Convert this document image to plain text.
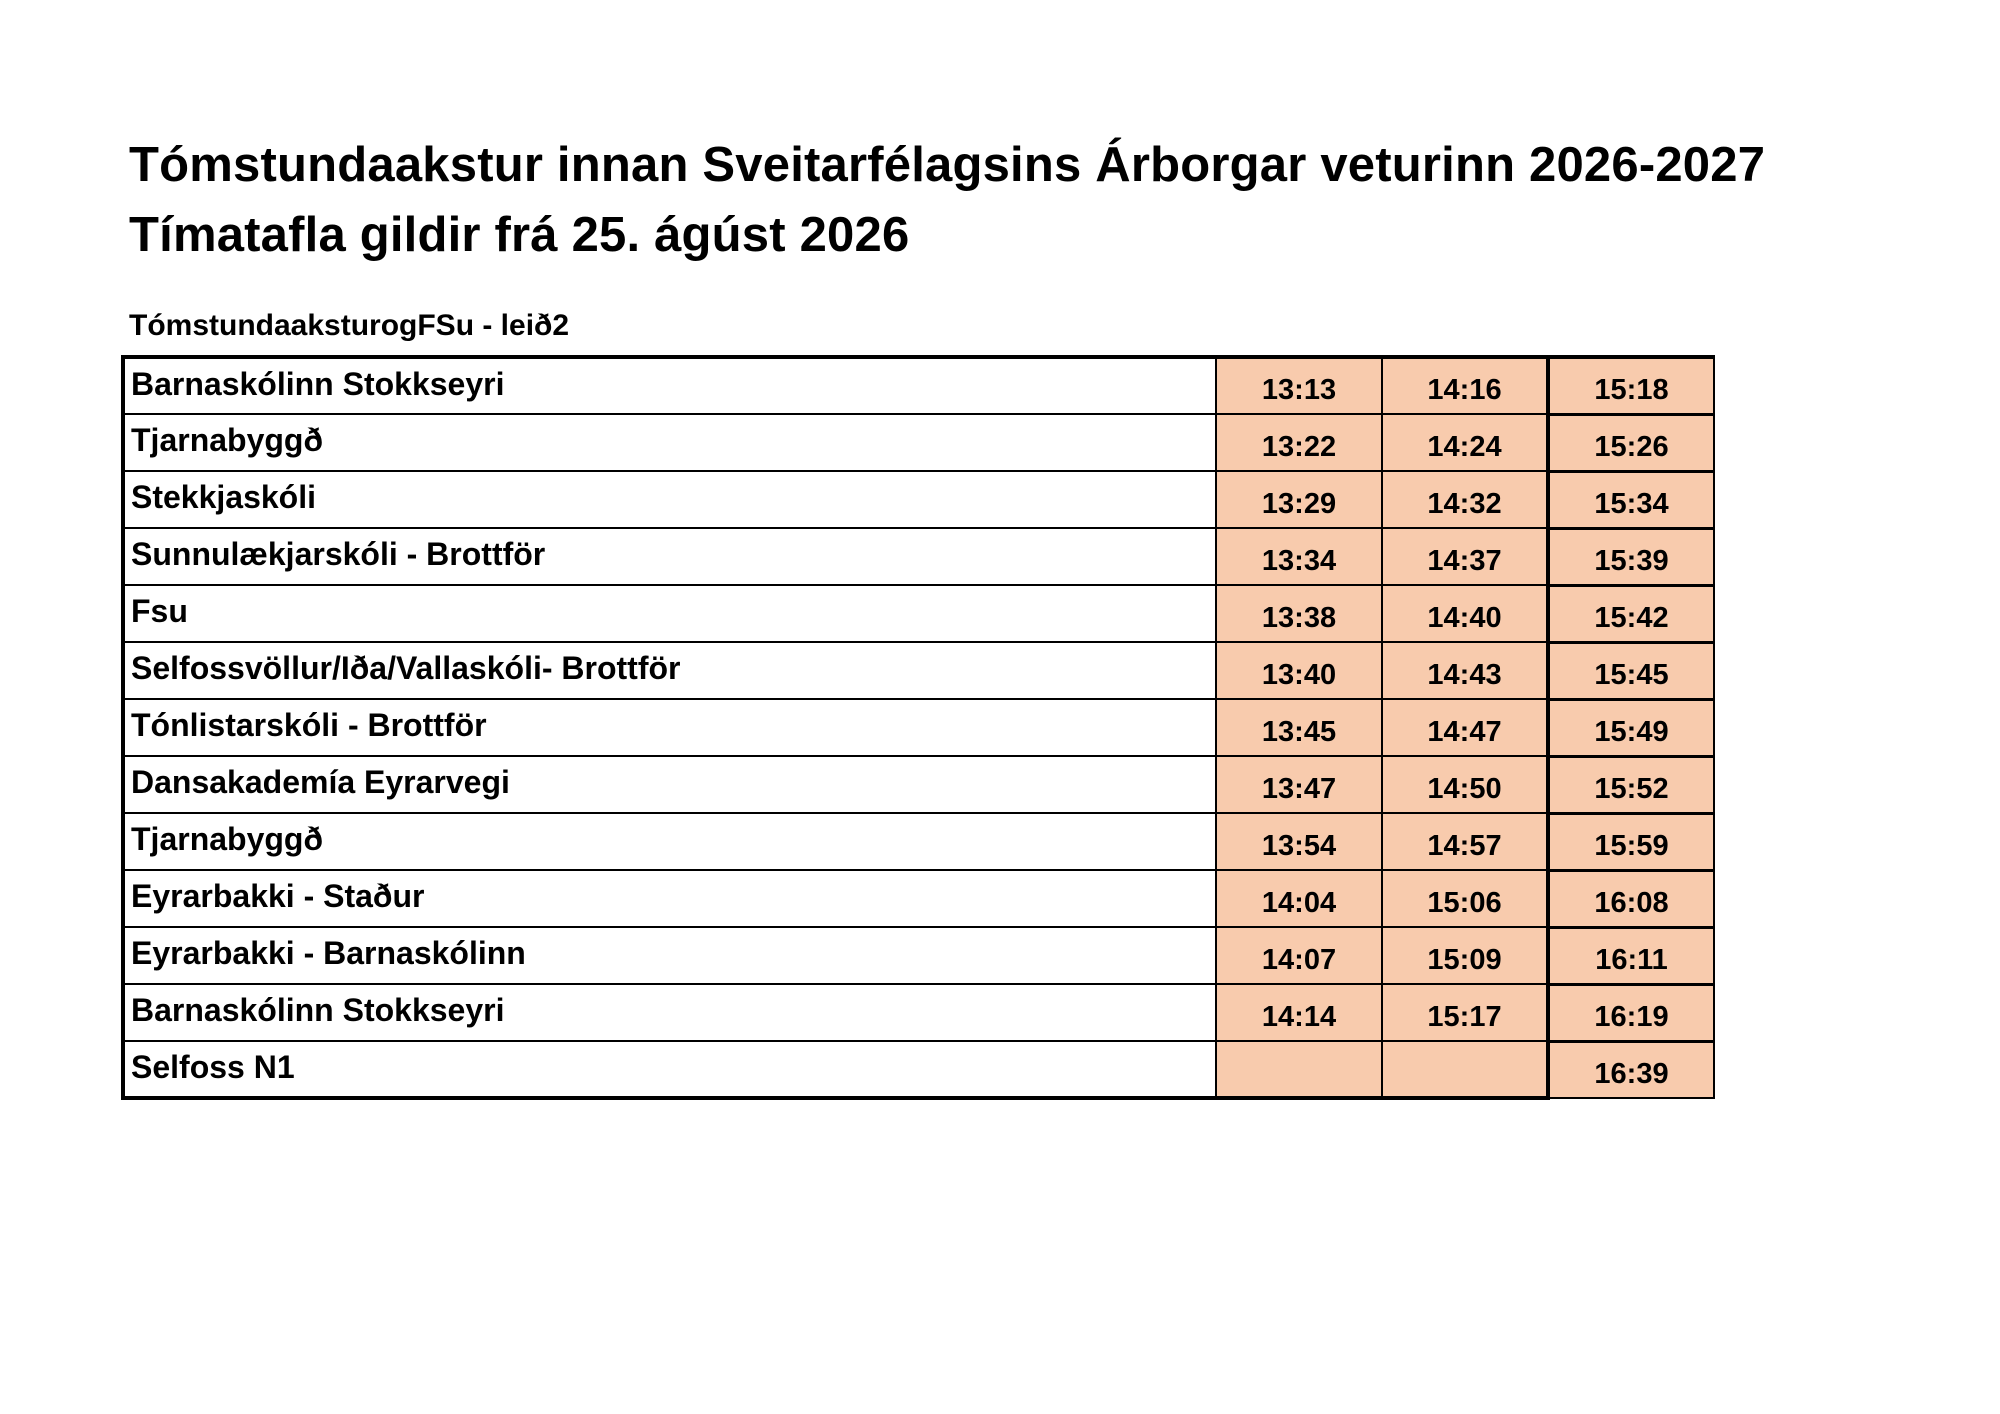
Tómstundaakstur innan Sveitarfélagsins Árborgar veturinn 2026-2027
Tímatafla gildir frá 25. ágúst 2026
TómstundaaksturogFSu - leið2
Barnaskólinn Stokkseyri	13:13	14:16	15:18
Tjarnabyggð	13:22	14:24	15:26
Stekkjaskóli	13:29	14:32	15:34
Sunnulækjarskóli - Brottför	13:34	14:37	15:39
Fsu	13:38	14:40	15:42
Selfossvöllur/Iða/Vallaskóli- Brottför	13:40	14:43	15:45
Tónlistarskóli - Brottför	13:45	14:47	15:49
Dansakademía Eyrarvegi	13:47	14:50	15:52
Tjarnabyggð	13:54	14:57	15:59
Eyrarbakki - Staður	14:04	15:06	16:08
Eyrarbakki - Barnaskólinn	14:07	15:09	16:11
Barnaskólinn Stokkseyri	14:14	15:17	16:19
Selfoss N1			16:39
